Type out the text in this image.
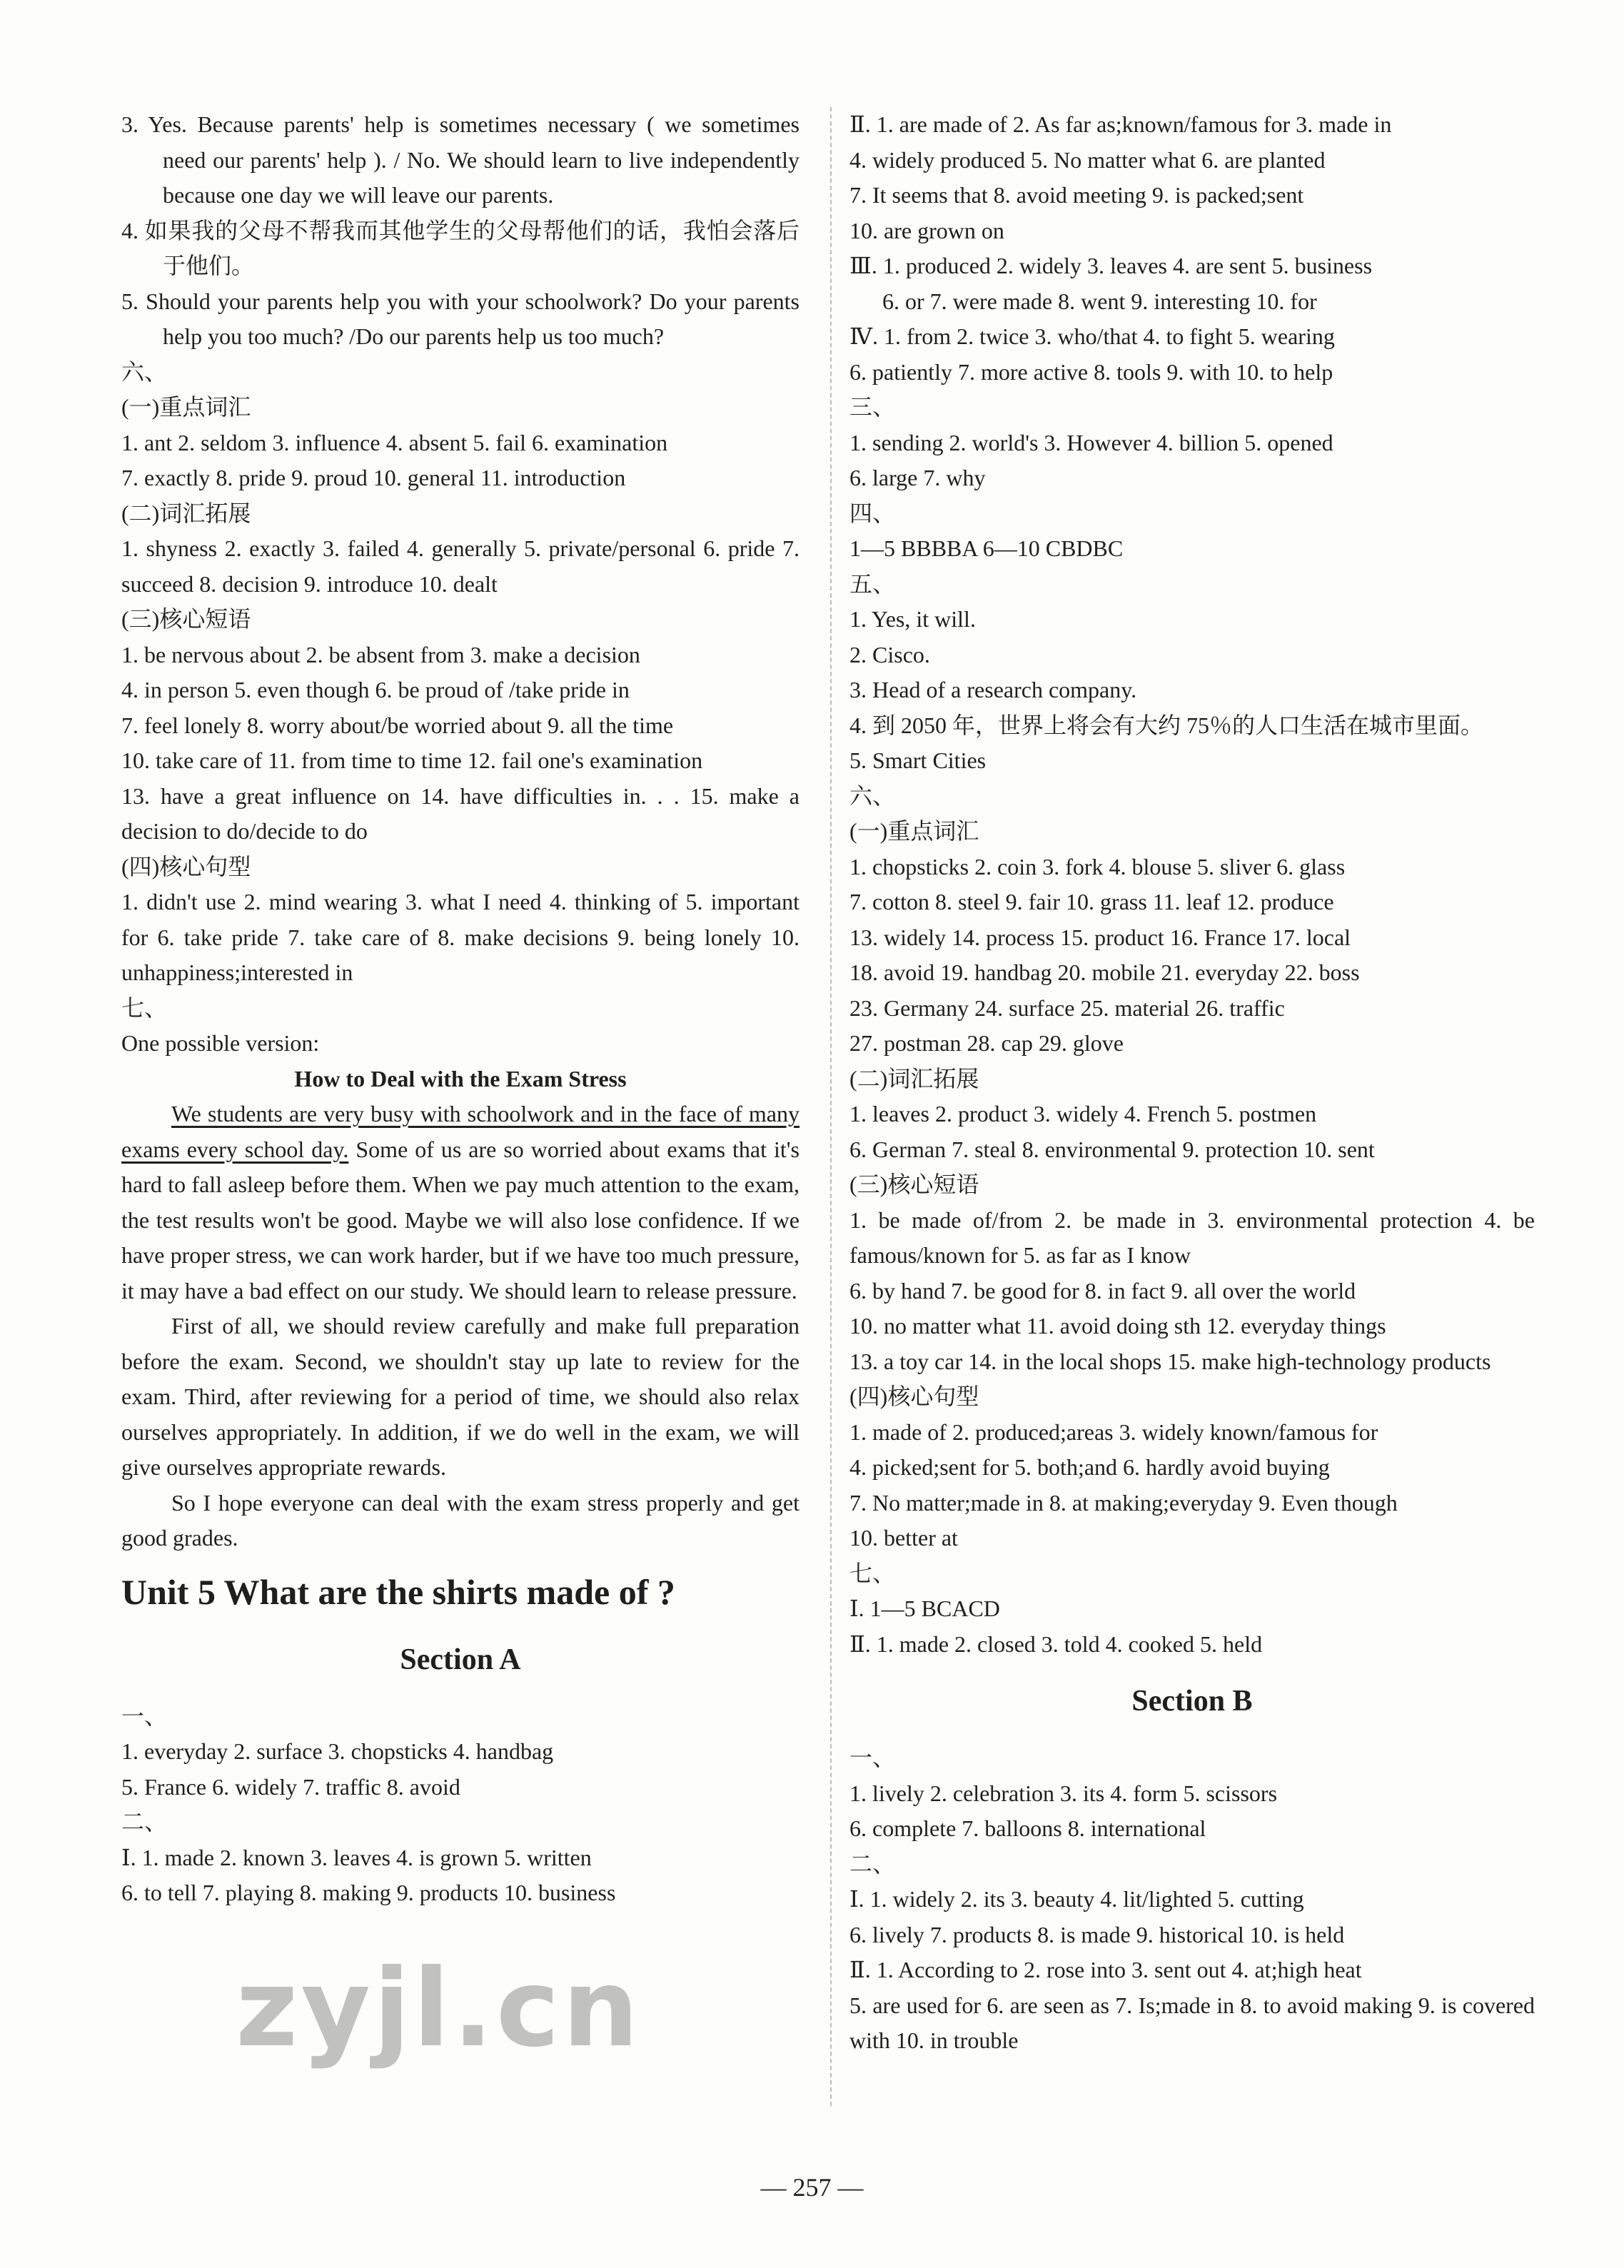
3. Yes. Because parents' help is sometimes necessary ( we sometimes need our parents' help ). / No. We should learn to live independently because one day we will leave our parents.

4. 如果我的父母不帮我而其他学生的父母帮他们的话，我怕会落后于他们。

5. Should your parents help you with your schoolwork? Do your parents help you too much? /Do our parents help us too much?

六、

(一)重点词汇

1. ant 2. seldom 3. influence 4. absent 5. fail 6. examination

7. exactly 8. pride 9. proud 10. general 11. introduction

(二)词汇拓展

1. shyness 2. exactly 3. failed 4. generally 5. private/personal 6. pride 7. succeed 8. decision 9. introduce 10. dealt

(三)核心短语

1. be nervous about 2. be absent from 3. make a decision

4. in person 5. even though 6. be proud of /take pride in

7. feel lonely 8. worry about/be worried about 9. all the time

10. take care of 11. from time to time 12. fail one's examination

13. have a great influence on 14. have difficulties in. . . 15. make a decision to do/decide to do

(四)核心句型

1. didn't use 2. mind wearing 3. what I need 4. thinking of 5. important for 6. take pride 7. take care of 8. make decisions 9. being lonely 10. unhappiness;interested in

七、

One possible version:

How to Deal with the Exam Stress

We students are very busy with schoolwork and in the face of many exams every school day. Some of us are so worried about exams that it's hard to fall asleep before them. When we pay much attention to the exam, the test results won't be good. Maybe we will also lose confidence. If we have proper stress, we can work harder, but if we have too much pressure, it may have a bad effect on our study. We should learn to release pressure.

First of all, we should review carefully and make full preparation before the exam. Second, we shouldn't stay up late to review for the exam. Third, after reviewing for a period of time, we should also relax ourselves appropriately. In addition, if we do well in the exam, we will give ourselves appropriate rewards.

So I hope everyone can deal with the exam stress properly and get good grades.

Unit 5 What are the shirts made of ?
Section A

一、

1. everyday 2. surface 3. chopsticks 4. handbag

5. France 6. widely 7. traffic 8. avoid

二、

Ⅰ. 1. made 2. known 3. leaves 4. is grown 5. written

6. to tell 7. playing 8. making 9. products 10. business

Ⅱ. 1. are made of 2. As far as;known/famous for 3. made in

4. widely produced 5. No matter what 6. are planted

7. It seems that 8. avoid meeting 9. is packed;sent

10. are grown on

Ⅲ. 1. produced 2. widely 3. leaves 4. are sent 5. business

6. or 7. were made 8. went 9. interesting 10. for

Ⅳ. 1. from 2. twice 3. who/that 4. to fight 5. wearing

6. patiently 7. more active 8. tools 9. with 10. to help

三、

1. sending 2. world's 3. However 4. billion 5. opened

6. large 7. why

四、

1—5 BBBBA 6—10 CBDBC

五、

1. Yes, it will.

2. Cisco.

3. Head of a research company.

4. 到 2050 年，世界上将会有大约 75％的人口生活在城市里面。

5. Smart Cities

六、

(一)重点词汇

1. chopsticks 2. coin 3. fork 4. blouse 5. sliver 6. glass

7. cotton 8. steel 9. fair 10. grass 11. leaf 12. produce

13. widely 14. process 15. product 16. France 17. local

18. avoid 19. handbag 20. mobile 21. everyday 22. boss

23. Germany 24. surface 25. material 26. traffic

27. postman 28. cap 29. glove

(二)词汇拓展

1. leaves 2. product 3. widely 4. French 5. postmen

6. German 7. steal 8. environmental 9. protection 10. sent

(三)核心短语

1. be made of/from 2. be made in 3. environmental protection 4. be famous/known for 5. as far as I know

6. by hand 7. be good for 8. in fact 9. all over the world

10. no matter what 11. avoid doing sth 12. everyday things

13. a toy car 14. in the local shops 15. make high-technology products

(四)核心句型

1. made of 2. produced;areas 3. widely known/famous for

4. picked;sent for 5. both;and 6. hardly avoid buying

7. No matter;made in 8. at making;everyday 9. Even though

10. better at

七、

Ⅰ. 1—5 BCACD

Ⅱ. 1. made 2. closed 3. told 4. cooked 5. held

Section B

一、

1. lively 2. celebration 3. its 4. form 5. scissors

6. complete 7. balloons 8. international

二、

Ⅰ. 1. widely 2. its 3. beauty 4. lit/lighted 5. cutting

6. lively 7. products 8. is made 9. historical 10. is held

Ⅱ. 1. According to 2. rose into 3. sent out 4. at;high heat

5. are used for 6. are seen as 7. Is;made in 8. to avoid making 9. is covered with 10. in trouble

zyjl.cn
— 257 —
